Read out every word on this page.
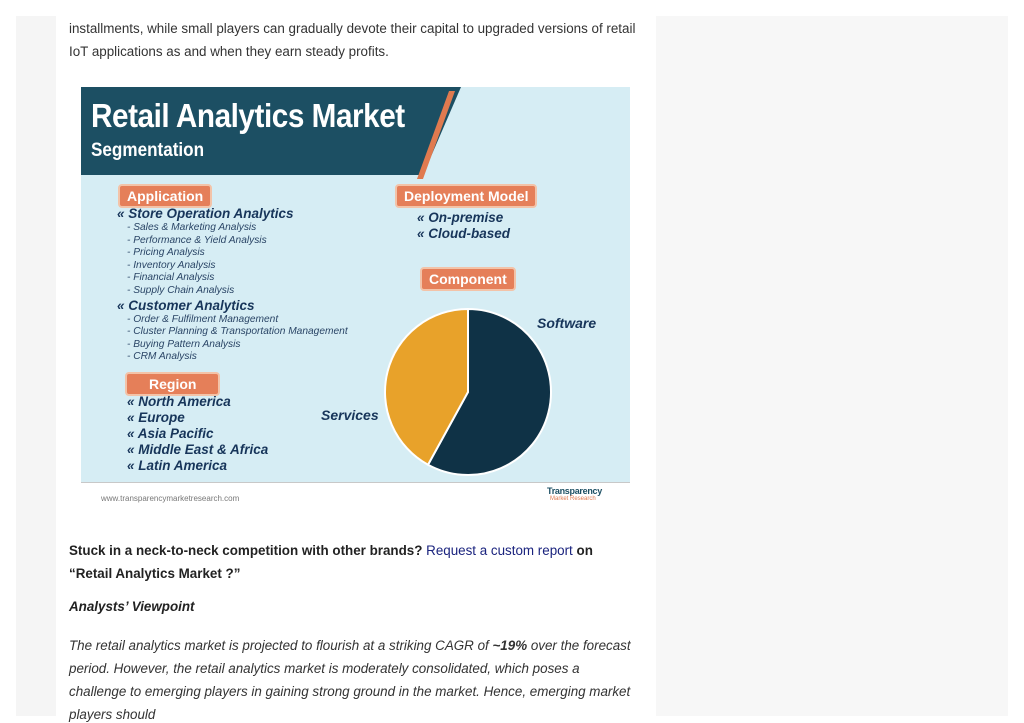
installments, while small players can gradually devote their capital to upgraded versions of retail IoT applications as and when they earn steady profits.

Retail Analytics Market
Segmentation
Application
« Store Operation Analytics
- Sales & Marketing Analysis
- Performance & Yield Analysis
- Pricing Analysis
- Inventory Analysis
- Financial Analysis
- Supply Chain Analysis
« Customer Analytics
- Order & Fulfilment Management
- Cluster Planning & Transportation Management
- Buying Pattern Analysis
- CRM Analysis
Region
« North America
« Europe
« Asia Pacific
« Middle East & Africa
« Latin America
Deployment Model
« On-premise
« Cloud-based
Component
Software
Services
www.transparencymarketresearch.com
Transparency
Market Research

Stuck in a neck-to-neck competition with other brands? Request a custom report on “Retail Analytics Market ?”

Analysts’ Viewpoint

The retail analytics market is projected to flourish at a striking CAGR of ~19% over the forecast period. However, the retail analytics market is moderately consolidated, which poses a challenge to emerging players in gaining strong ground in the market. Hence, emerging market players should
